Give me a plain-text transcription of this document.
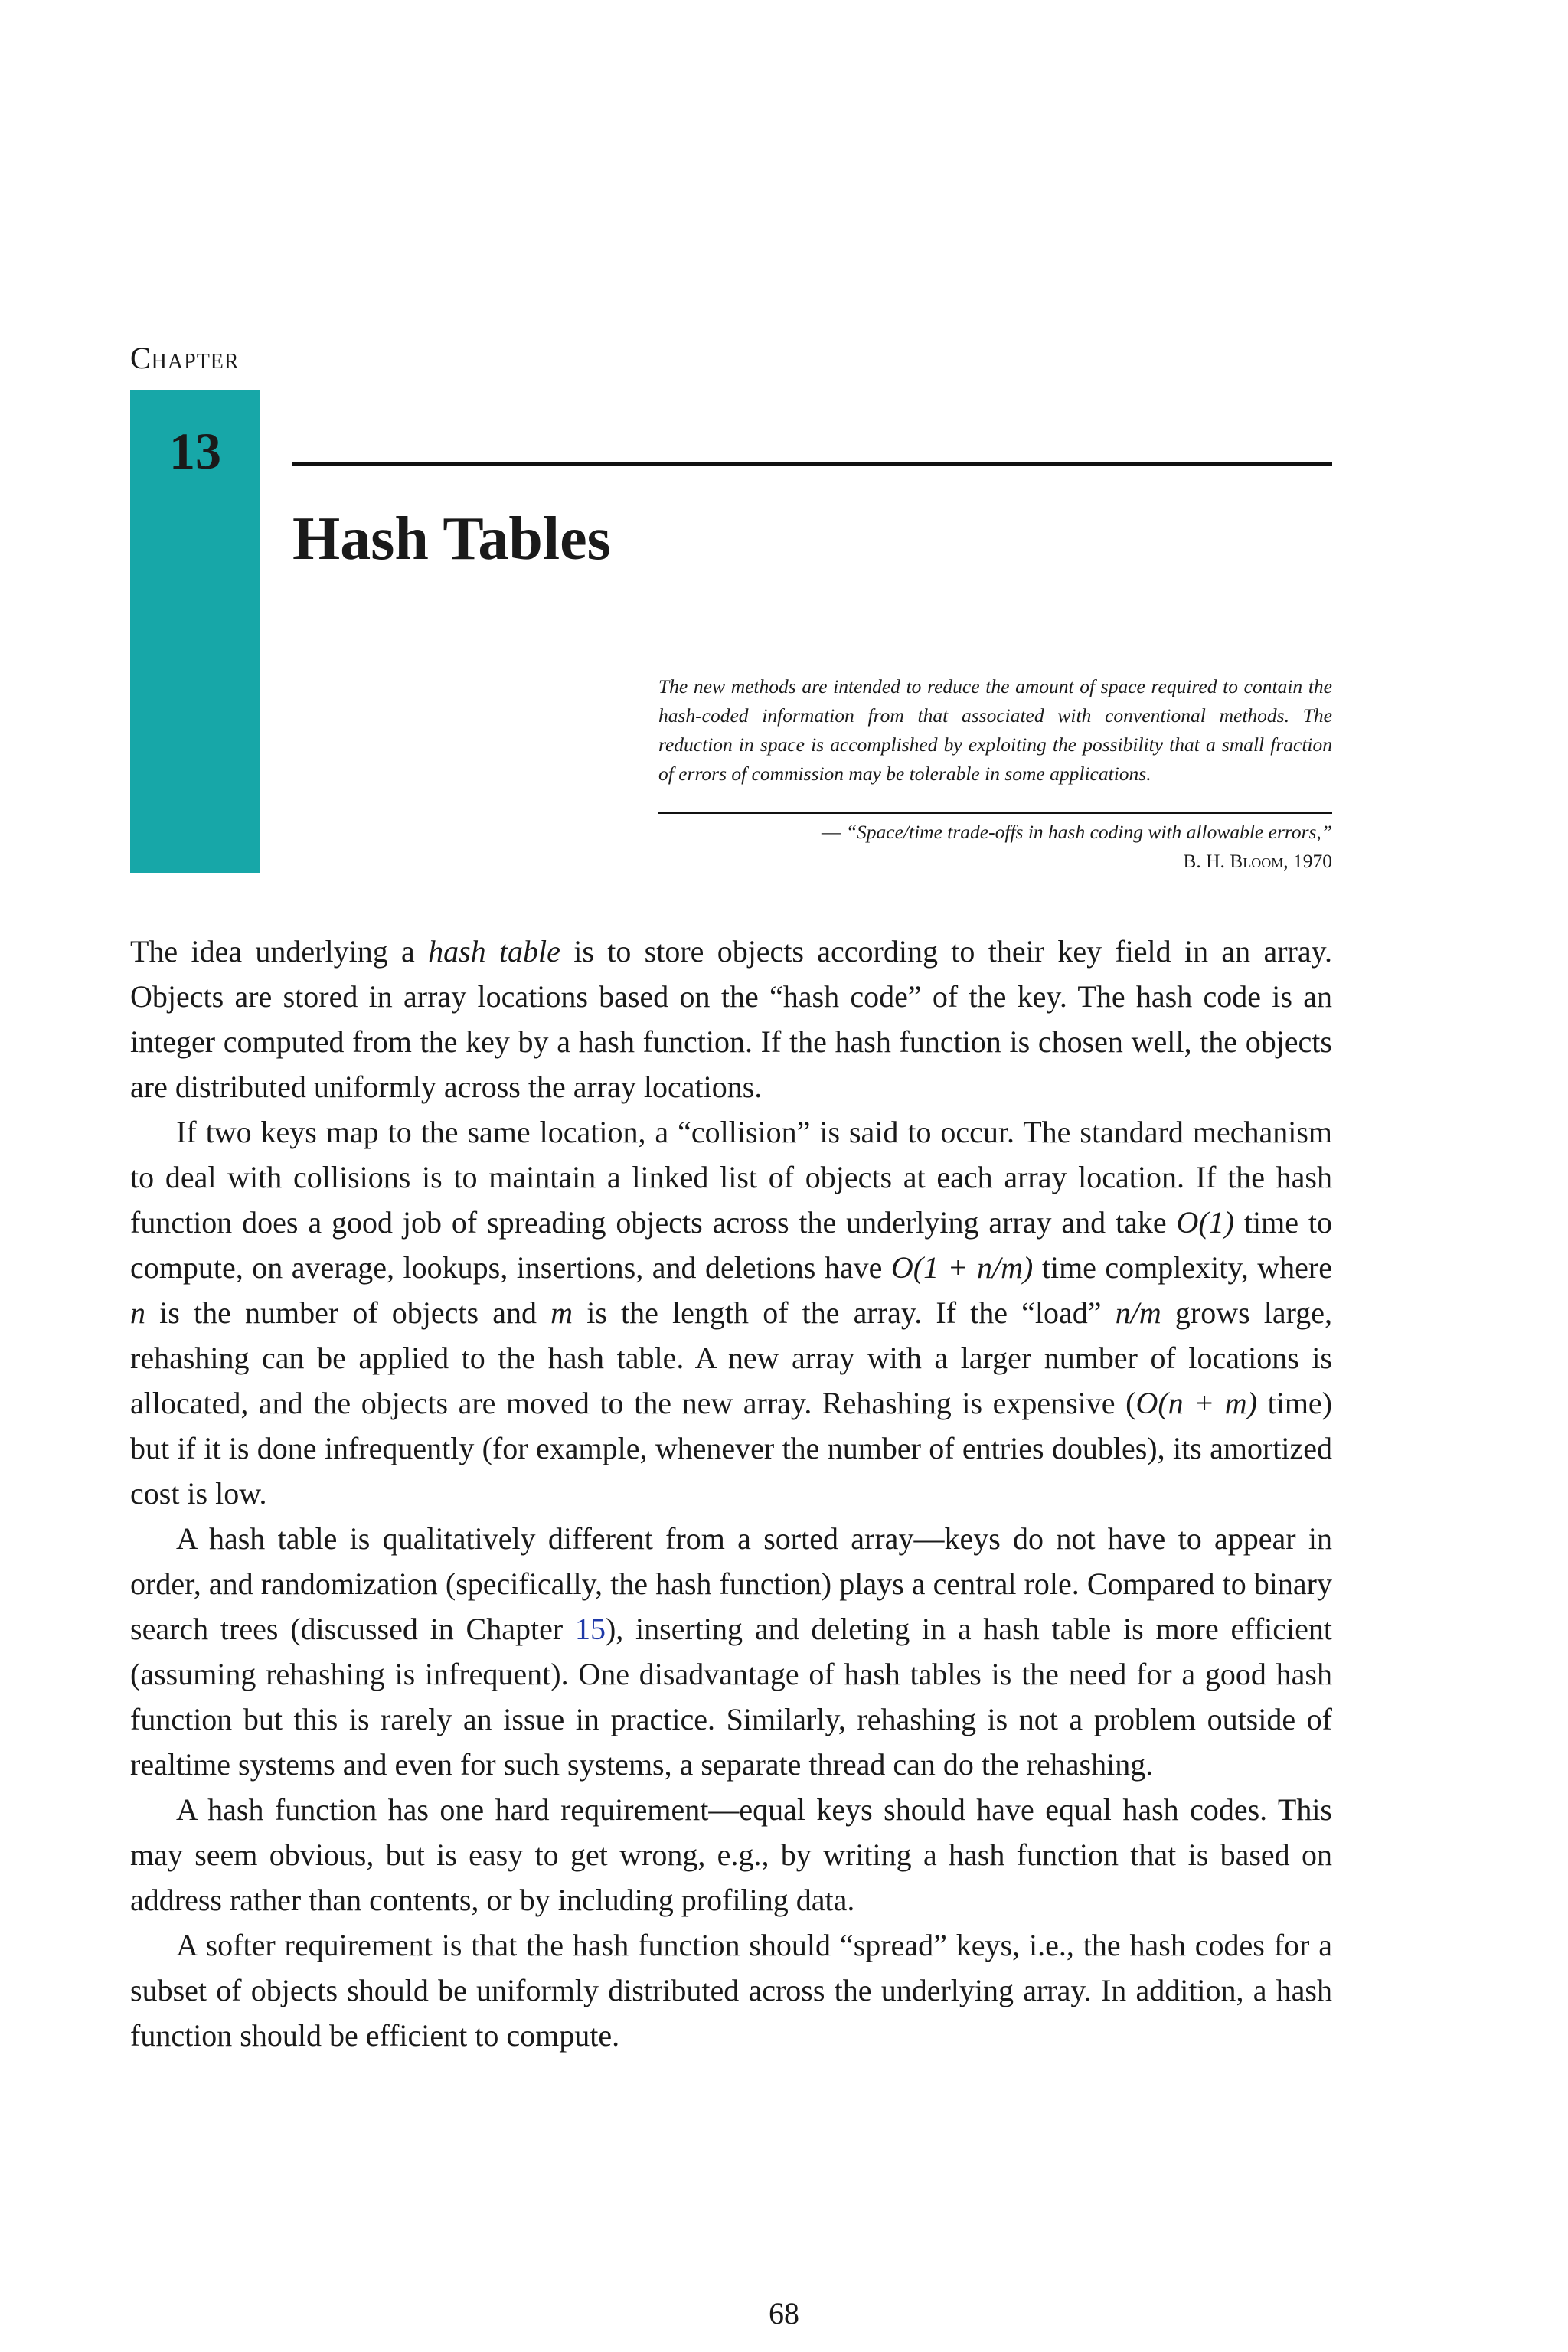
Chapter
13
Hash Tables
The new methods are intended to reduce the amount of space required to contain the hash-coded information from that associated with conventional methods. The reduction in space is accomplished by exploiting the possibility that a small fraction of errors of commission may be tolerable in some applications.
— “Space/time trade-offs in hash coding with allowable errors,”
B. H. Bloom, 1970

The idea underlying a hash table is to store objects according to their key field in an array. Objects are stored in array locations based on the “hash code” of the key. The hash code is an integer computed from the key by a hash function. If the hash function is chosen well, the objects are distributed uniformly across the array locations.

If two keys map to the same location, a “collision” is said to occur. The standard mechanism to deal with collisions is to maintain a linked list of objects at each array location. If the hash function does a good job of spreading objects across the underlying array and take O(1) time to compute, on average, lookups, insertions, and deletions have O(1 + n/m) time complexity, where n is the number of objects and m is the length of the array. If the “load” n/m grows large, rehashing can be applied to the hash table. A new array with a larger number of locations is allocated, and the objects are moved to the new array. Rehashing is expensive (O(n + m) time) but if it is done infrequently (for example, whenever the number of entries doubles), its amortized cost is low.

A hash table is qualitatively different from a sorted array—keys do not have to appear in order, and randomization (specifically, the hash function) plays a central role. Compared to binary search trees (discussed in Chapter 15), inserting and deleting in a hash table is more efficient (assuming rehashing is infrequent). One disadvantage of hash tables is the need for a good hash function but this is rarely an issue in practice. Similarly, rehashing is not a problem outside of realtime systems and even for such systems, a separate thread can do the rehashing.

A hash function has one hard requirement—equal keys should have equal hash codes. This may seem obvious, but is easy to get wrong, e.g., by writing a hash function that is based on address rather than contents, or by including profiling data.

A softer requirement is that the hash function should “spread” keys, i.e., the hash codes for a subset of objects should be uniformly distributed across the underlying array. In addition, a hash function should be efficient to compute.

68
